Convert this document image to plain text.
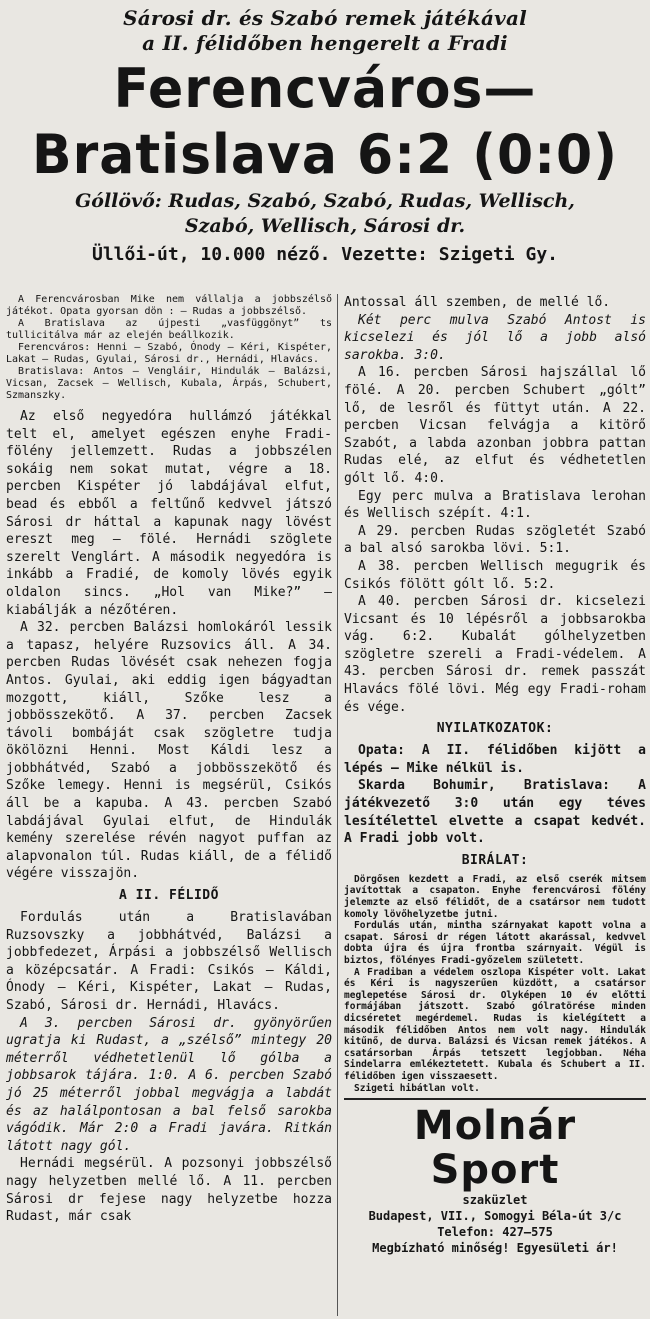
Sárosi dr. és Szabó remek játékával

a II. félidőben hengerelt a Fradi

Ferencváros—

Bratislava 6:2 (0:0)

Góllövő: Rudas, Szabó, Szabó, Rudas, Wellisch,

Szabó, Wellisch, Sárosi dr.

Üllői-út, 10.000 néző. Vezette: Szigeti Gy.

A Ferencvárosban Mike nem vállalja a jobbszélső játékot. Opata gyorsan dön : — Rudas a jobbszélső.

A Bratislava az újpesti „vasfüggönyt” ts tullicitálva már az elején beállkozik.

Ferencváros: Henni — Szabó, Ónody — Kéri, Kispéter, Lakat — Rudas, Gyulai, Sárosi dr., Hernádi, Hlavács.

Bratislava: Antos — Vengláir, Hindulák — Balázsi, Vicsan, Zacsek — Wellisch, Kubala, Árpás, Schubert, Szmanszky.

Az első negyedóra hullámzó játékkal telt el, amelyet egészen enyhe Fradi-fölény jellemzett. Rudas a jobbszélen sokáig nem sokat mutat, végre a 18. percben Kispéter jó labdájával elfut, bead és ebből a feltűnő kedvvel játszó Sárosi dr háttal a kapunak nagy lövést ereszt meg — fölé. Hernádi szöglete szerelt Venglárt. A második negyedóra is inkább a Fradié, de komoly lövés egyik oldalon sincs. „Hol van Mike?” — kiabálják a nézőtéren.

A 32. percben Balázsi homlokáról lessik a tapasz, helyére Ruzsovics áll. A 34. percben Rudas lövését csak nehezen fogja Antos. Gyulai, aki eddig igen bágyadtan mozgott, kiáll, Szőke lesz a jobbösszekötő. A 37. percben Zacsek távoli bombáját csak szögletre tudja ökölözni Henni. Most Káldi lesz a jobbhátvéd, Szabó a jobbösszekötő és Szőke lemegy. Henni is megsérül, Csikós áll be a kapuba. A 43. percben Szabó labdájával Gyulai elfut, de Hindulák kemény szerelése révén nagyot puffan az alapvonalon túl. Rudas kiáll, de a félidő végére visszajön.

A II. FÉLIDŐ

Fordulás után a Bratislavában Ruzsovszky a jobbhátvéd, Balázsi a jobbfedezet, Árpási a jobbszélső Wellisch a középcsatár. A Fradi: Csikós — Káldi, Ónody — Kéri, Kispéter, Lakat — Rudas, Szabó, Sárosi dr. Hernádi, Hlavács.

A 3. percben Sárosi dr. gyönyörűen ugratja ki Rudast, a „szélső” mintegy 20 méterről védhetetlenül lő gólba a jobbsarok tájára. 1:0. A 6. percben Szabó jó 25 méterről jobbal megvágja a labdát és az halálpontosan a bal felső sarokba vágódik. Már 2:0 a Fradi javára. Ritkán látott nagy gól.

Hernádi megsérül. A pozsonyi jobbszélső nagy helyzetben mellé lő. A 11. percben Sárosi dr fejese nagy helyzetbe hozza Rudast, már csak

Antossal áll szemben, de mellé lő.

Két perc mulva Szabó Antost is kicselezi és jól lő a jobb alsó sarokba. 3:0.

A 16. percben Sárosi hajszállal lő fölé. A 20. percben Schubert „gólt” lő, de lesről és füttyt után. A 22. percben Vicsan felvágja a kitörő Szabót, a labda azonban jobbra pattan Rudas elé, az elfut és védhetetlen gólt lő. 4:0.

Egy perc mulva a Bratislava lerohan és Wellisch szépít. 4:1.

A 29. percben Rudas szögletét Szabó a bal alsó sarokba lövi. 5:1.

A 38. percben Wellisch megugrik és Csikós fölött gólt lő. 5:2.

A 40. percben Sárosi dr. kicselezi Vicsant és 10 lépésről a jobbsarokba vág. 6:2. Kubalát gólhelyzetben szögletre szereli a Fradi-védelem. A 43. percben Sárosi dr. remek passzát Hlavács fölé lövi. Még egy Fradi-roham és vége.

NYILATKOZATOK:

Opata: A II. félidőben kijött a lépés — Mike nélkül is.

Skarda Bohumir, Bratislava: A játékvezető 3:0 után egy téves lesítélettel elvette a csapat kedvét. A Fradi jobb volt.

BIRÁLAT:

Dörgősen kezdett a Fradi, az első cserék mitsem javítottak a csapaton. Enyhe ferencvárosi fölény jelemzte az első félidőt, de a csatársor nem tudott komoly lövőhelyzetbe jutni.

Fordulás után, mintha szárnyakat kapott volna a csapat. Sárosi dr régen látott akarással, kedvvel dobta újra és újra frontba szárnyait. Végül is biztos, fölényes Fradi-győzelem született.

A Fradiban a védelem oszlopa Kispéter volt. Lakat és Kéri is nagyszerűen küzdött, a csatársor meglepetése Sárosi dr. Olyképen 10 év előtti formájában játszott. Szabó gólratörése minden dicséretet megérdemel. Rudas is kielégített a második félidőben Antos nem volt nagy. Hindulák kitűnő, de durva. Balázsi és Vicsan remek játékos. A csatársorban Árpás tetszett legjobban. Néha Sindelarra emlékeztetett. Kubala és Schubert a II. félidőben igen visszaesett.

Szigeti hibátlan volt.

Molnár Sport

szaküzlet

Budapest, VII., Somogyi Béla-út 3/c

Telefon: 427—575

Megbízható minőség! Egyesületi ár!
